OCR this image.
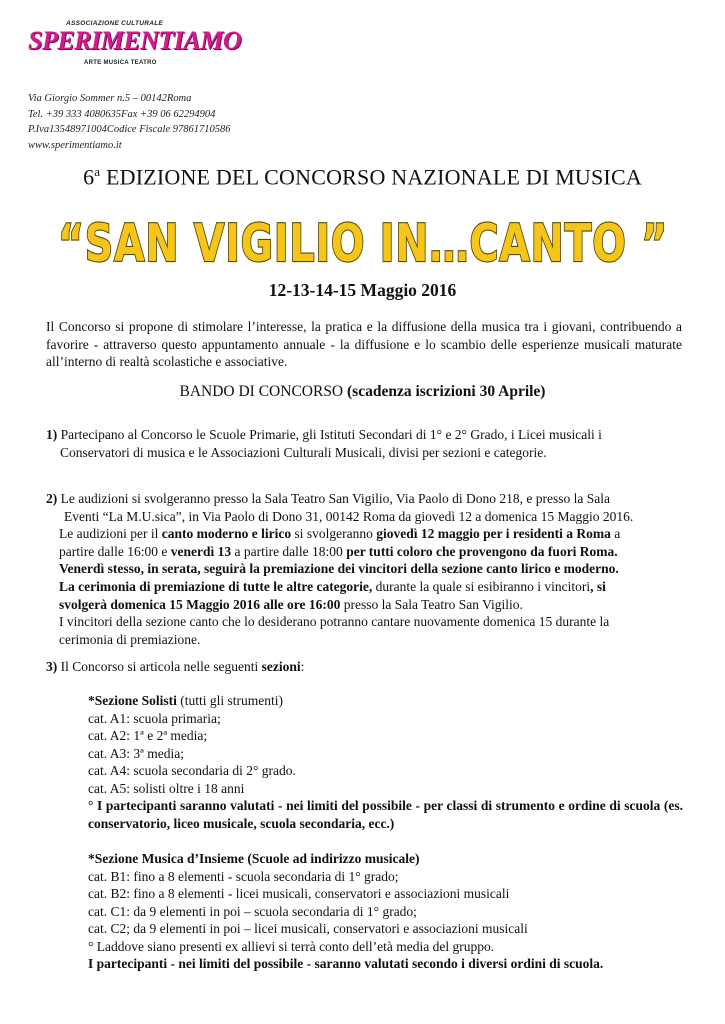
ASSOCIAZIONE CULTURALE
SPERIMENTIAMO
ARTE MUSICA TEATRO
Via Giorgio Sommer n.5 – 00142Roma
Tel. +39 333 4080635Fax +39 06 62294904
P.Iva13548971004Codice Fiscale 97861710586
www.sperimentiamo.it
6$^a$ EDIZIONE DEL CONCORSO NAZIONALE DI MUSICA
“SAN VIGILIO IN…CANTO ”
12-13-14-15 Maggio 2016
Il Concorso si propone di stimolare l’interesse, la pratica e la diffusione della musica tra i giovani, contribuendo a favorire - attraverso questo appuntamento annuale - la diffusione e lo scambio delle esperienze musicali maturate all’interno di realtà scolastiche e associative.
BANDO DI CONCORSO (scadenza iscrizioni 30 Aprile)
1) Partecipano al Concorso le Scuole Primarie, gli Istituti Secondari di 1° e 2° Grado, i Licei musicali i
Conservatori di musica e le Associazioni Culturali Musicali, divisi per sezioni e categorie.
2) Le audizioni si svolgeranno presso la Sala Teatro San Vigilio, Via Paolo di Dono 218, e presso la Sala
Eventi “La M.U.sica”, in Via Paolo di Dono 31, 00142 Roma da giovedì 12 a domenica 15 Maggio 2016.
Le audizioni per il canto moderno e lirico si svolgeranno giovedì 12 maggio per i residenti a Roma a
partire dalle 16:00 e venerdì 13 a partire dalle 18:00 per tutti coloro che provengono da fuori Roma.
Venerdì stesso, in serata, seguirà la premiazione dei vincitori della sezione canto lirico e moderno.
La cerimonia di premiazione di tutte le altre categorie, durante la quale si esibiranno i vincitori, si
svolgerà domenica 15 Maggio 2016 alle ore 16:00 presso la Sala Teatro San Vigilio.
I vincitori della sezione canto che lo desiderano potranno cantare nuovamente domenica 15 durante la
cerimonia di premiazione.
3) Il Concorso si articola nelle seguenti sezioni:
*Sezione Solisti (tutti gli strumenti)
cat. A1: scuola primaria;
cat. A2: 1ª e 2ª media;
cat. A3: 3ª media;
cat. A4: scuola secondaria di 2° grado.
cat. A5: solisti oltre i 18 anni
° I partecipanti saranno valutati - nei limiti del possibile - per classi di strumento e ordine di scuola (es. conservatorio, liceo musicale, scuola secondaria, ecc.)
*Sezione Musica d’Insieme (Scuole ad indirizzo musicale)
cat. B1: fino a 8 elementi - scuola secondaria di 1° grado;
cat. B2: fino a 8 elementi - licei musicali, conservatori e associazioni musicali
cat. C1: da 9 elementi in poi – scuola secondaria di 1° grado;
cat. C2; da 9 elementi in poi – licei musicali, conservatori e associazioni musicali
° Laddove siano presenti ex allievi si terrà conto dell’età media del gruppo.
I partecipanti - nei limiti del possibile - saranno valutati secondo i diversi ordini di scuola.
